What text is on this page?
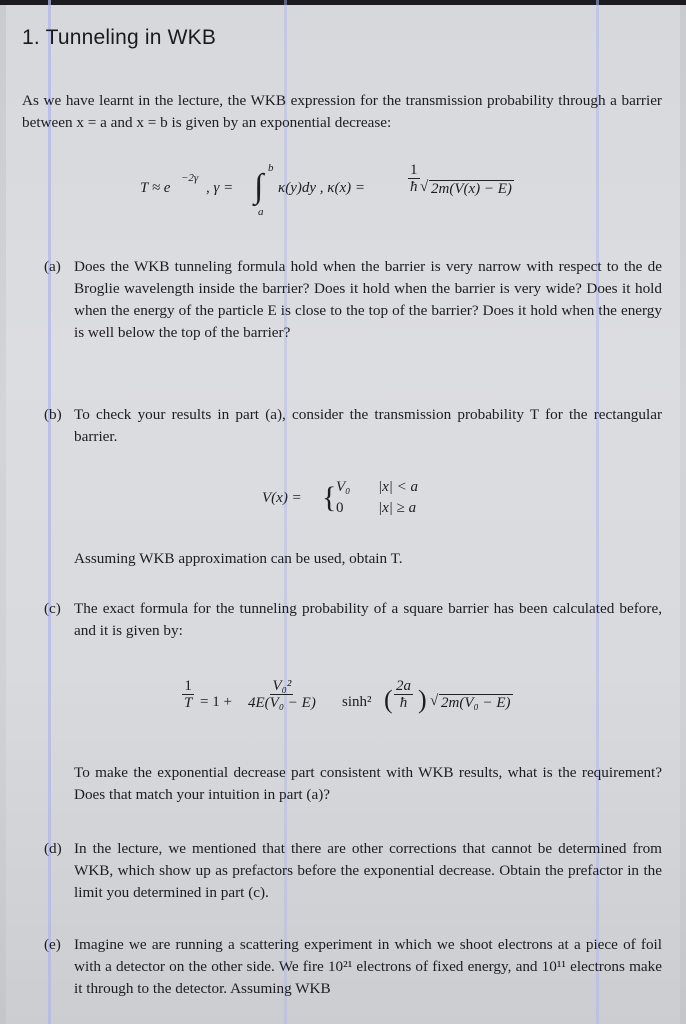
1. Tunneling in WKB
As we have learnt in the lecture, the WKB expression for the transmission probability through a barrier between x = a and x = b is given by an exponential decrease:
T ≈ e
−2γ
, γ = ∫ b
a
κ(y)dy , κ(x) =	$\frac{1}{ħ}$ √ 2m(V(x) − E)
(a) Does the WKB tunneling formula hold when the barrier is very narrow with respect to the de Broglie wavelength inside the barrier? Does it hold when the barrier is very wide? Does it hold when the energy of the particle E is close to the top of the barrier? Does it hold when the energy is well below the top of the barrier?
(b) To check your results in part (a), consider the transmission probability T for the rectangular barrier.
V(x) = { V₀ |x| < a
0 |x| ≥ a
Assuming WKB approximation can be used, obtain T.
(c) The exact formula for the tunneling probability of a square barrier has been calculated before, and it is given by:
$\frac{1}{T} = 1 + \frac{\text{V₀²}}{\text{4E(V₀ − E)}} \sinh^2$ ( $\frac{2a}{ħ}$ ) √ 2m(V₀ − E)
To make the exponential decrease part consistent with WKB results, what is the requirement? Does that match your intuition in part (a)?
(d) In the lecture, we mentioned that there are other corrections that cannot be determined from WKB, which show up as prefactors before the exponential decrease. Obtain the prefactor in the limit you determined in part (c).
(e) Imagine we are running a scattering experiment in which we shoot electrons at a piece of foil with a detector on the other side. We fire 10²¹ electrons of fixed energy, and 10¹¹ electrons make it through to the detector. Assuming WKB
